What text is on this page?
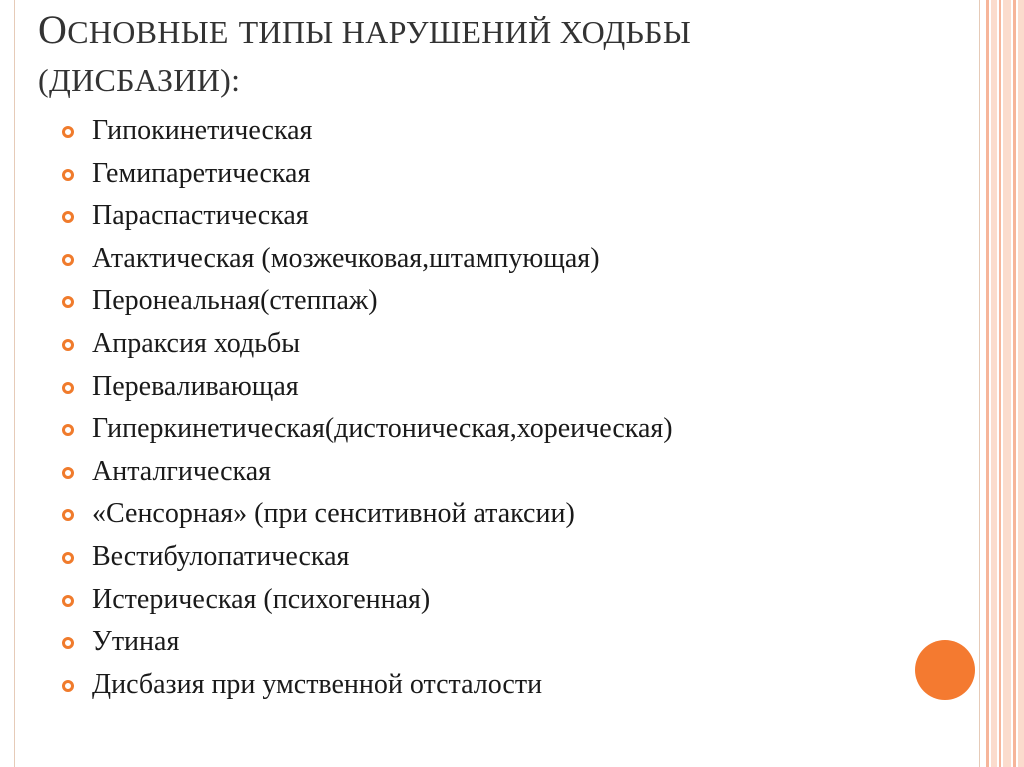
ОСНОВНЫЕ ТИПЫ НАРУШЕНИЙ ХОДЬБЫ
(ДИСБАЗИИ):
Гипокинетическая
Гемипаретическая
Параспастическая
Атактическая (мозжечковая,штампующая)
Перонеальная(степпаж)
Апраксия ходьбы
Переваливающая
Гиперкинетическая(дистоническая,хореическая)
Анталгическая
«Сенсорная» (при сенситивной атаксии)
Вестибулопатическая
Истерическая (психогенная)
Утиная
Дисбазия при умственной отсталости
